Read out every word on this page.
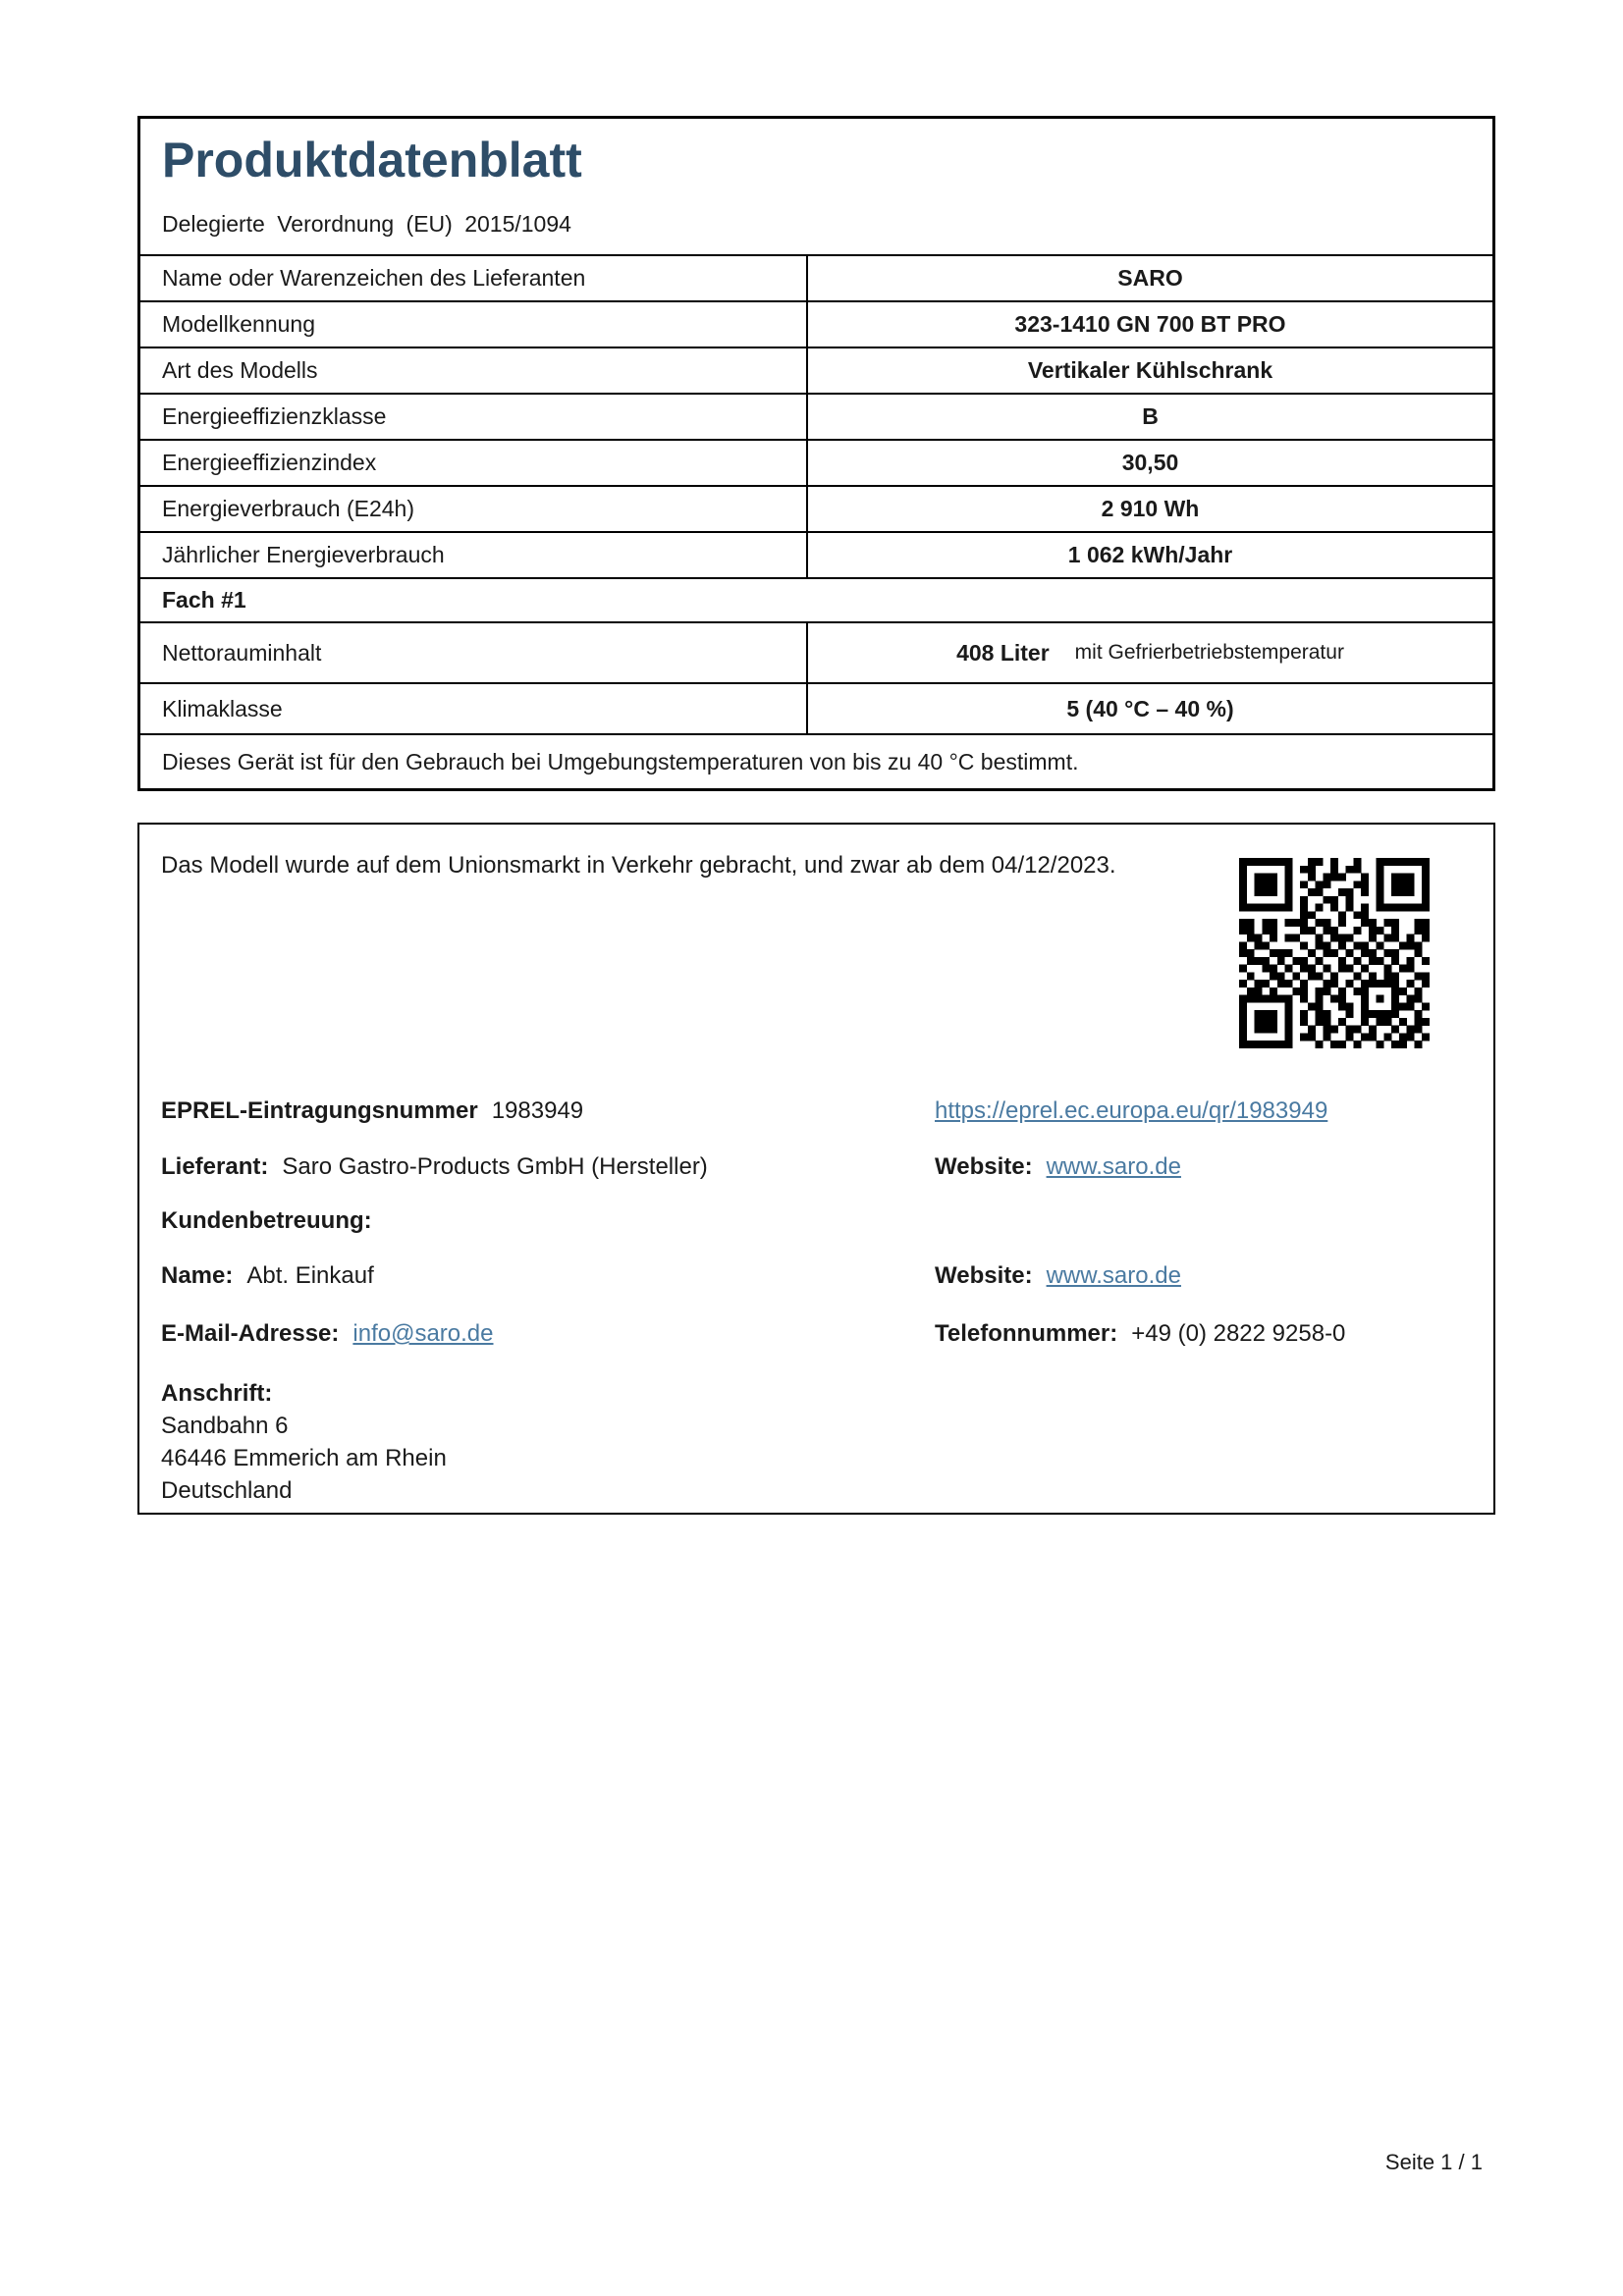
Produktdatenblatt
Delegierte Verordnung (EU) 2015/1094
Name oder Warenzeichen des Lieferanten	SARO
Modellkennung	323-1410 GN 700 BT PRO
Art des Modells	Vertikaler Kühlschrank
Energieeffizienzklasse	B
Energieeffizienzindex	30,50
Energieverbrauch (E24h)	2 910 Wh
Jährlicher Energieverbrauch	1 062 kWh/Jahr
Fach #1
Nettorauminhalt	408 Liter mit Gefrierbetriebstemperatur
Klimaklasse	5 (40 °C – 40 %)
Dieses Gerät ist für den Gebrauch bei Umgebungstemperaturen von bis zu 40 °C bestimmt.
Das Modell wurde auf dem Unionsmarkt in Verkehr gebracht, und zwar ab dem 04/12/2023.
EPREL-Eintragungsnummer 1983949	https://eprel.ec.europa.eu/qr/1983949
Lieferant: Saro Gastro-Products GmbH (Hersteller)	Website: www.saro.de
Kundenbetreuung:
Name: Abt. Einkauf	Website: www.saro.de
E-Mail-Adresse: info@saro.de	Telefonnummer: +49 (0) 2822 9258-0
Anschrift:
Sandbahn 6
46446 Emmerich am Rhein
Deutschland
Seite 1 / 1
